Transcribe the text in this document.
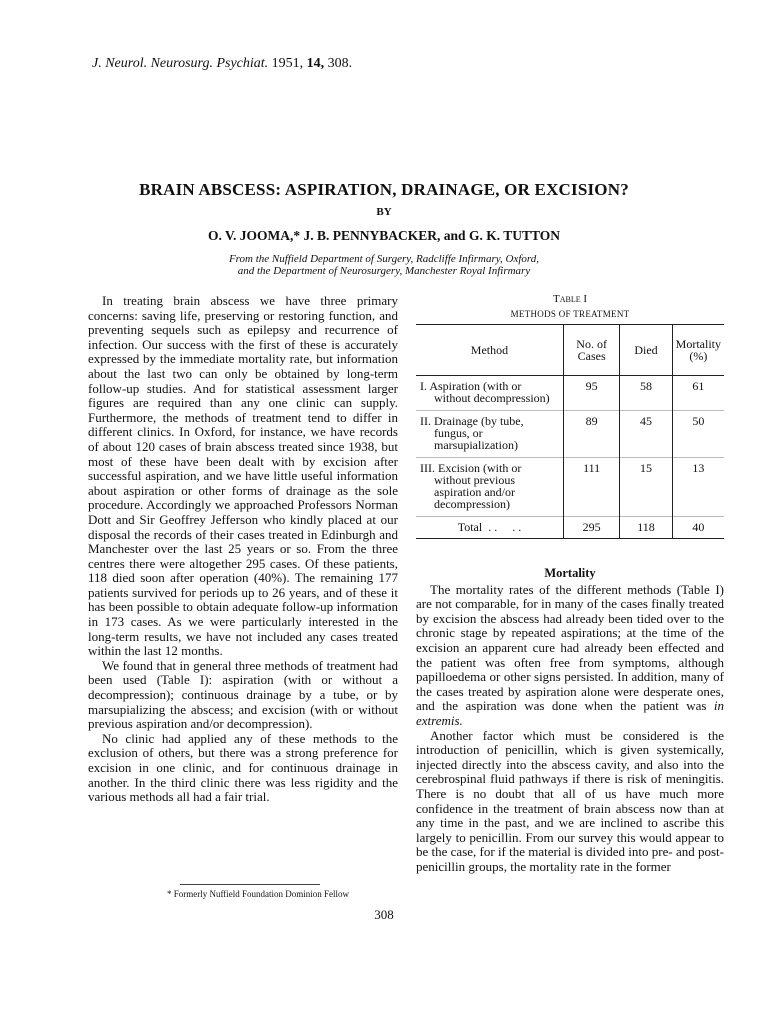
J. Neurol. Neurosurg. Psychiat. 1951, 14, 308.
BRAIN ABSCESS: ASPIRATION, DRAINAGE, OR EXCISION?
BY
O. V. JOOMA,* J. B. PENNYBACKER, and G. K. TUTTON
From the Nuffield Department of Surgery, Radcliffe Infirmary, Oxford,
and the Department of Neurosurgery, Manchester Royal Infirmary

In treating brain abscess we have three primary concerns: saving life, preserving or restoring function, and preventing sequels such as epilepsy and recurrence of infection. Our success with the first of these is accurately expressed by the immediate mortality rate, but information about the last two can only be obtained by long-term follow-up studies. And for statistical assessment larger figures are required than any one clinic can supply. Furthermore, the methods of treatment tend to differ in different clinics. In Oxford, for instance, we have records of about 120 cases of brain abscess treated since 1938, but most of these have been dealt with by excision after successful aspiration, and we have little useful information about aspiration or other forms of drainage as the sole procedure. Accordingly we approached Professors Norman Dott and Sir Geoffrey Jefferson who kindly placed at our disposal the records of their cases treated in Edinburgh and Manchester over the last 25 years or so. From the three centres there were altogether 295 cases. Of these patients, 118 died soon after operation (40%). The remaining 177 patients survived for periods up to 26 years, and of these it has been possible to obtain adequate follow-up information in 173 cases. As we were particularly interested in the long-term results, we have not included any cases treated within the last 12 months.

We found that in general three methods of treatment had been used (Table I): aspiration (with or without a decompression); continuous drainage by a tube, or by marsupializing the abscess; and excision (with or without previous aspiration and/or decompression).

No clinic had applied any of these methods to the exclusion of others, but there was a strong preference for excision in one clinic, and for continuous drainage in another. In the third clinic there was less rigidity and the various methods all had a fair trial.

Table I
METHODS OF TREATMENT
Method	No. of Cases	Died	Mortality (%)
I. Aspiration (with or without decompression)	95	58	61
II. Drainage (by tube, fungus, or marsupialization)	89	45	50
III. Excision (with or without previous aspiration and/or decompression)	111	15	13
Total  . .     . .	295	118	40

Mortality

The mortality rates of the different methods (Table I) are not comparable, for in many of the cases finally treated by excision the abscess had already been tided over to the chronic stage by repeated aspirations; at the time of the excision an apparent cure had already been effected and the patient was often free from symptoms, although papilloedema or other signs persisted. In addition, many of the cases treated by aspiration alone were desperate ones, and the aspiration was done when the patient was in extremis.

Another factor which must be considered is the introduction of penicillin, which is given systemically, injected directly into the abscess cavity, and also into the cerebrospinal fluid pathways if there is risk of meningitis. There is no doubt that all of us have much more confidence in the treatment of brain abscess now than at any time in the past, and we are inclined to ascribe this largely to penicillin. From our survey this would appear to be the case, for if the material is divided into pre- and post-penicillin groups, the mortality rate in the former

* Formerly Nuffield Foundation Dominion Fellow
308
